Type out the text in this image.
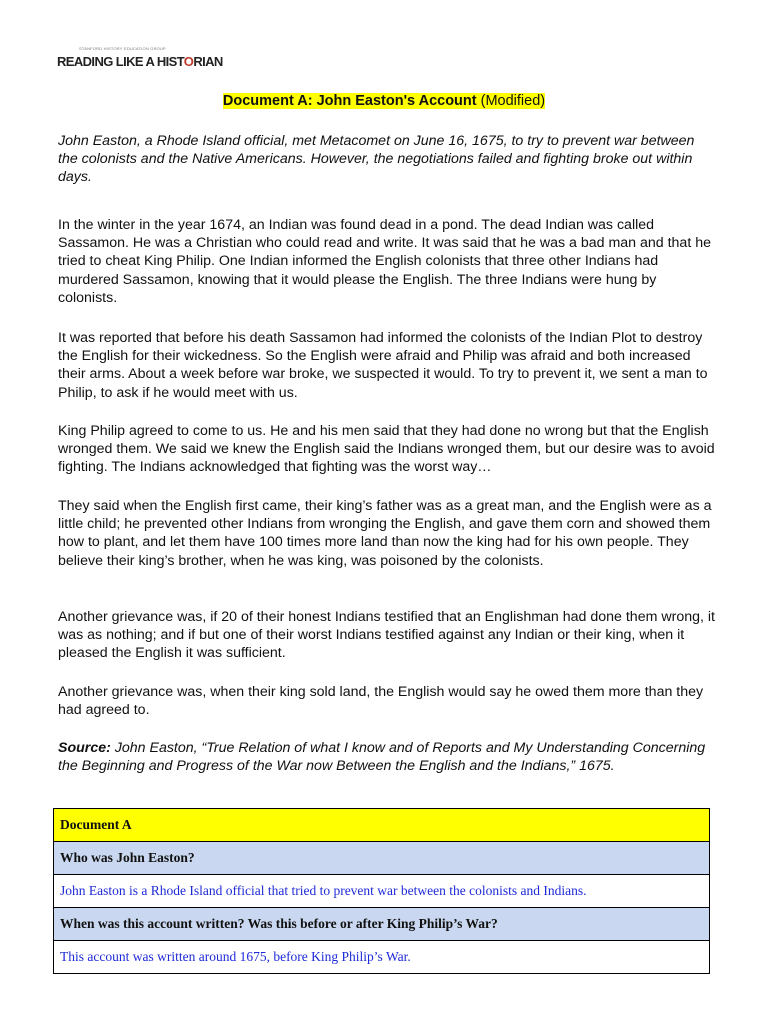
STANFORD HISTORY EDUCATION GROUP
READING LIKE A HISTORIAN
Document A: John Easton's Account (Modified)

John Easton, a Rhode Island official, met Metacomet on June 16, 1675, to try to prevent war between the colonists and the Native Americans. However, the negotiations failed and fighting broke out within days.

In the winter in the year 1674, an Indian was found dead in a pond. The dead Indian was called Sassamon. He was a Christian who could read and write. It was said that he was a bad man and that he tried to cheat King Philip. One Indian informed the English colonists that three other Indians had murdered Sassamon, knowing that it would please the English. The three Indians were hung by colonists.

It was reported that before his death Sassamon had informed the colonists of the Indian Plot to destroy the English for their wickedness. So the English were afraid and Philip was afraid and both increased their arms. About a week before war broke, we suspected it would. To try to prevent it, we sent a man to Philip, to ask if he would meet with us.

King Philip agreed to come to us. He and his men said that they had done no wrong but that the English wronged them. We said we knew the English said the Indians wronged them, but our desire was to avoid fighting. The Indians acknowledged that fighting was the worst way…

They said when the English first came, their king’s father was as a great man, and the English were as a little child; he prevented other Indians from wronging the English, and gave them corn and showed them how to plant, and let them have 100 times more land than now the king had for his own people. They believe their king’s brother, when he was king, was poisoned by the colonists.

Another grievance was, if 20 of their honest Indians testified that an Englishman had done them wrong, it was as nothing; and if but one of their worst Indians testified against any Indian or their king, when it pleased the English it was sufficient.

Another grievance was, when their king sold land, the English would say he owed them more than they had agreed to.

Source: John Easton, “True Relation of what I know and of Reports and My Understanding Concerning the Beginning and Progress of the War now Between the English and the Indians,” 1675.

Document A
Who was John Easton?
John Easton is a Rhode Island official that tried to prevent war between the colonists and Indians.
When was this account written? Was this before or after King Philip’s War?
This account was written around 1675, before King Philip’s War.
